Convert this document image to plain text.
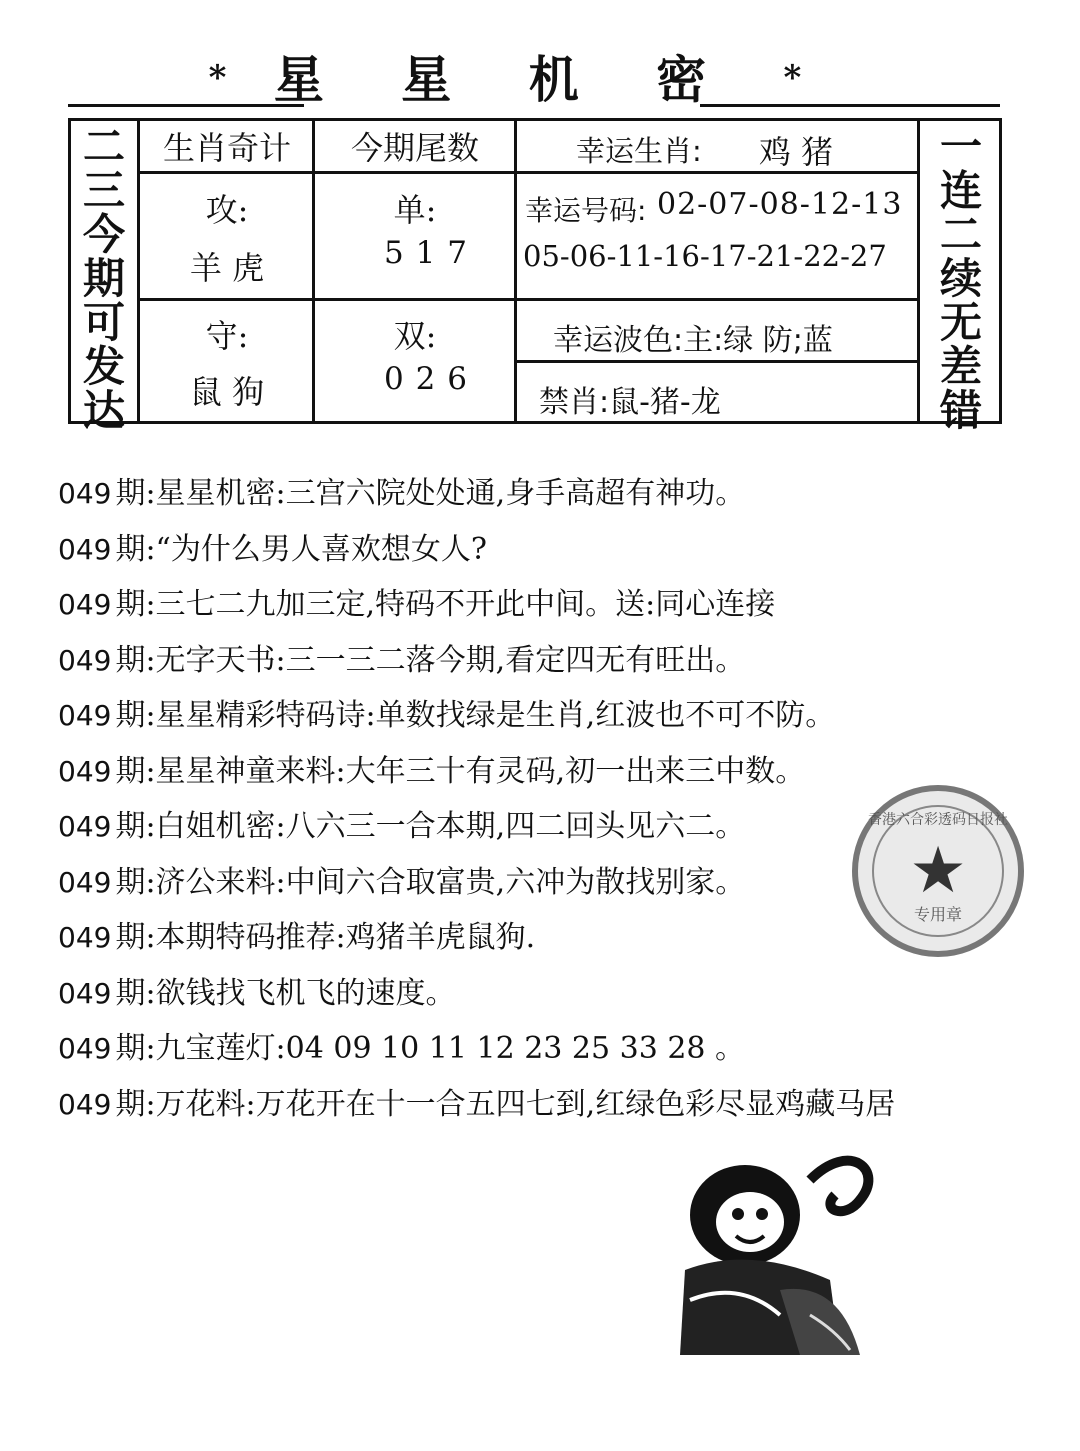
* 星 星 机 密 *
二
三
今
期
可
发
达
一
连
二
续
无
差
错
生肖奇计	今期尾数	幸运生肖: 鸡 猪
攻:
羊 虎
单:
5 1 7
幸运号码: 02-07-08-12-13
05-06-11-16-17-21-22-27
守:
鼠 狗
双:
0 2 6
幸运波色:主:绿 防;蓝
禁肖:鼠-猪-龙
049 期:星星机密:三宫六院处处通,身手高超有神功。
049 期:“为什么男人喜欢想女人?
049 期:三七二九加三定,特码不开此中间。送:同心连接
049 期:无字天书:三一三二落今期,看定四无有旺出。
049 期:星星精彩特码诗:单数找绿是生肖,红波也不可不防。
049 期:星星神童来料:大年三十有灵码,初一出来三中数。
049 期:白姐机密:八六三一合本期,四二回头见六二。
049 期:济公来料:中间六合取富贵,六冲为散找别家。
049 期:本期特码推荐:鸡猪羊虎鼠狗.
049 期:欲钱找飞机飞的速度。
049 期:九宝莲灯:04 09 10 11 12 23 25 33 28 。
049 期:万花料:万花开在十一合五四七到,红绿色彩尽显鸡藏马居
香港六合彩透码日报社
★
专用章
